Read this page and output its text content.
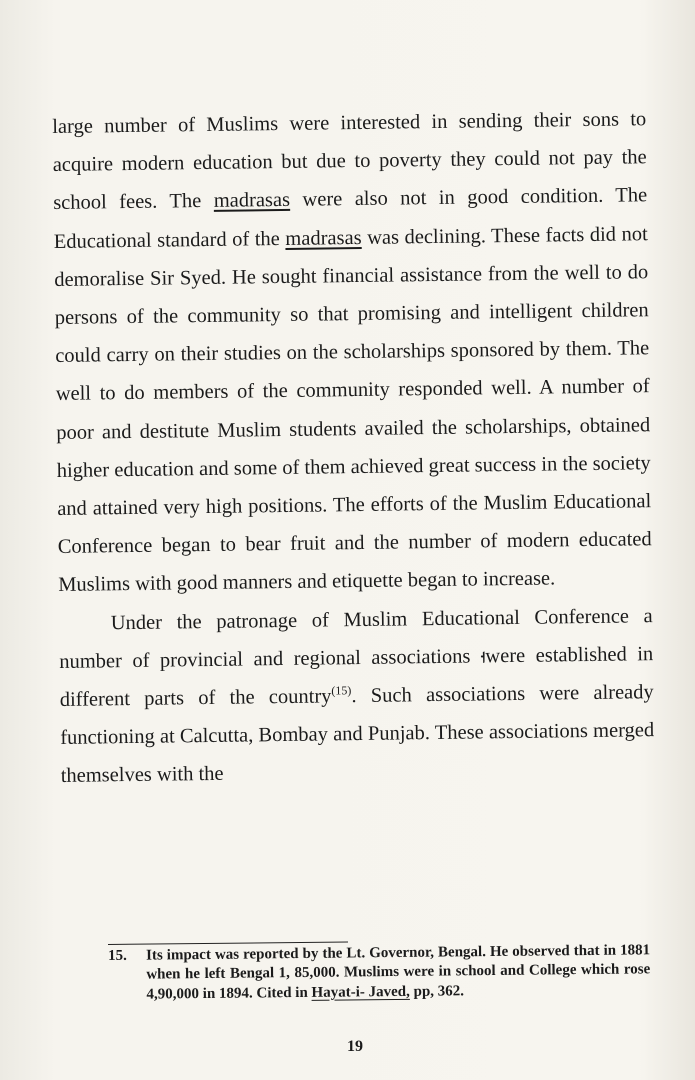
large number of Muslims were interested in sending their sons to acquire modern education but due to poverty they could not pay the school fees. The madrasas were also not in good condition. The Educational standard of the madrasas was declining. These facts did not demoralise Sir Syed. He sought financial assistance from the well to do persons of the community so that promising and intelligent children could carry on their studies on the scholarships sponsored by them. The well to do members of the community responded well. A number of poor and destitute Muslim students availed the scholarships, obtained higher education and some of them achieved great success in the society and attained very high positions. The efforts of the Muslim Educational Conference began to bear fruit and the number of modern educated Muslims with good manners and etiquette began to increase.

Under the patronage of Muslim Educational Conference a number of provincial and regional associations ࡸwere established in different parts of the country$^{(15)}$. Such associations were already functioning at Calcutta, Bombay and Punjab. These associations merged themselves with the

15.	Its impact was reported by the Lt. Governor, Bengal. He observed that in 1881 when he left Bengal 1, 85,000. Muslims were in school and College which rose 4,90,000 in 1894. Cited in Hayat-i- Javed, pp, 362.
19
